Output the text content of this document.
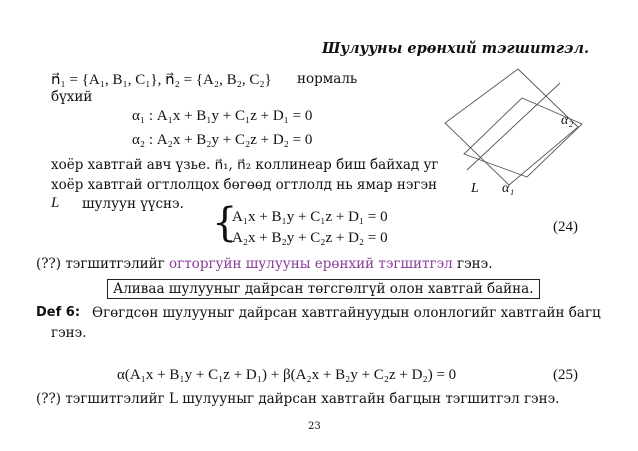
Шулууны ерөнхий тэгшитгэл.
n⃗₁ = {A₁, B₁, C₁}, n⃗₂ = {A₂, B₂, C₂} нормаль
бүхий
α₁ : A₁x + B₁y + C₁z + D₁ = 0
α₂ : A₂x + B₂y + C₂z + D₂ = 0
хоёр хавтгай авч үзье. n⃗₁, n⃗₂ коллинеар биш байхад уг
хоёр хавтгай огтлолцох бөгөөд огтлолд нь ямар нэгэн
L шулуун үүснэ. {
A₁x + B₁y + C₁z + D₁ = 0
A₂x + B₂y + C₂z + D₂ = 0
(24)
(??) тэгшитгэлийг огторгуйн шулууны ерөнхий тэгшитгэл гэнэ.
Аливаа шулууныг дайрсан төгсгөлгүй олон хавтгай байна.
Def 6: Өгөгдсөн шулууныг дайрсан хавтгайнуудын олонлогийг хавтгайн багц
гэнэ.
α(A₁x + B₁y + C₁z + D₁) + β(A₂x + B₂y + C₂z + D₂) = 0	(25)
(??) тэгшитгэлийг L шулууныг дайрсан хавтгайн багцын тэгшитгэл гэнэ.
23
L α₁
α₂
